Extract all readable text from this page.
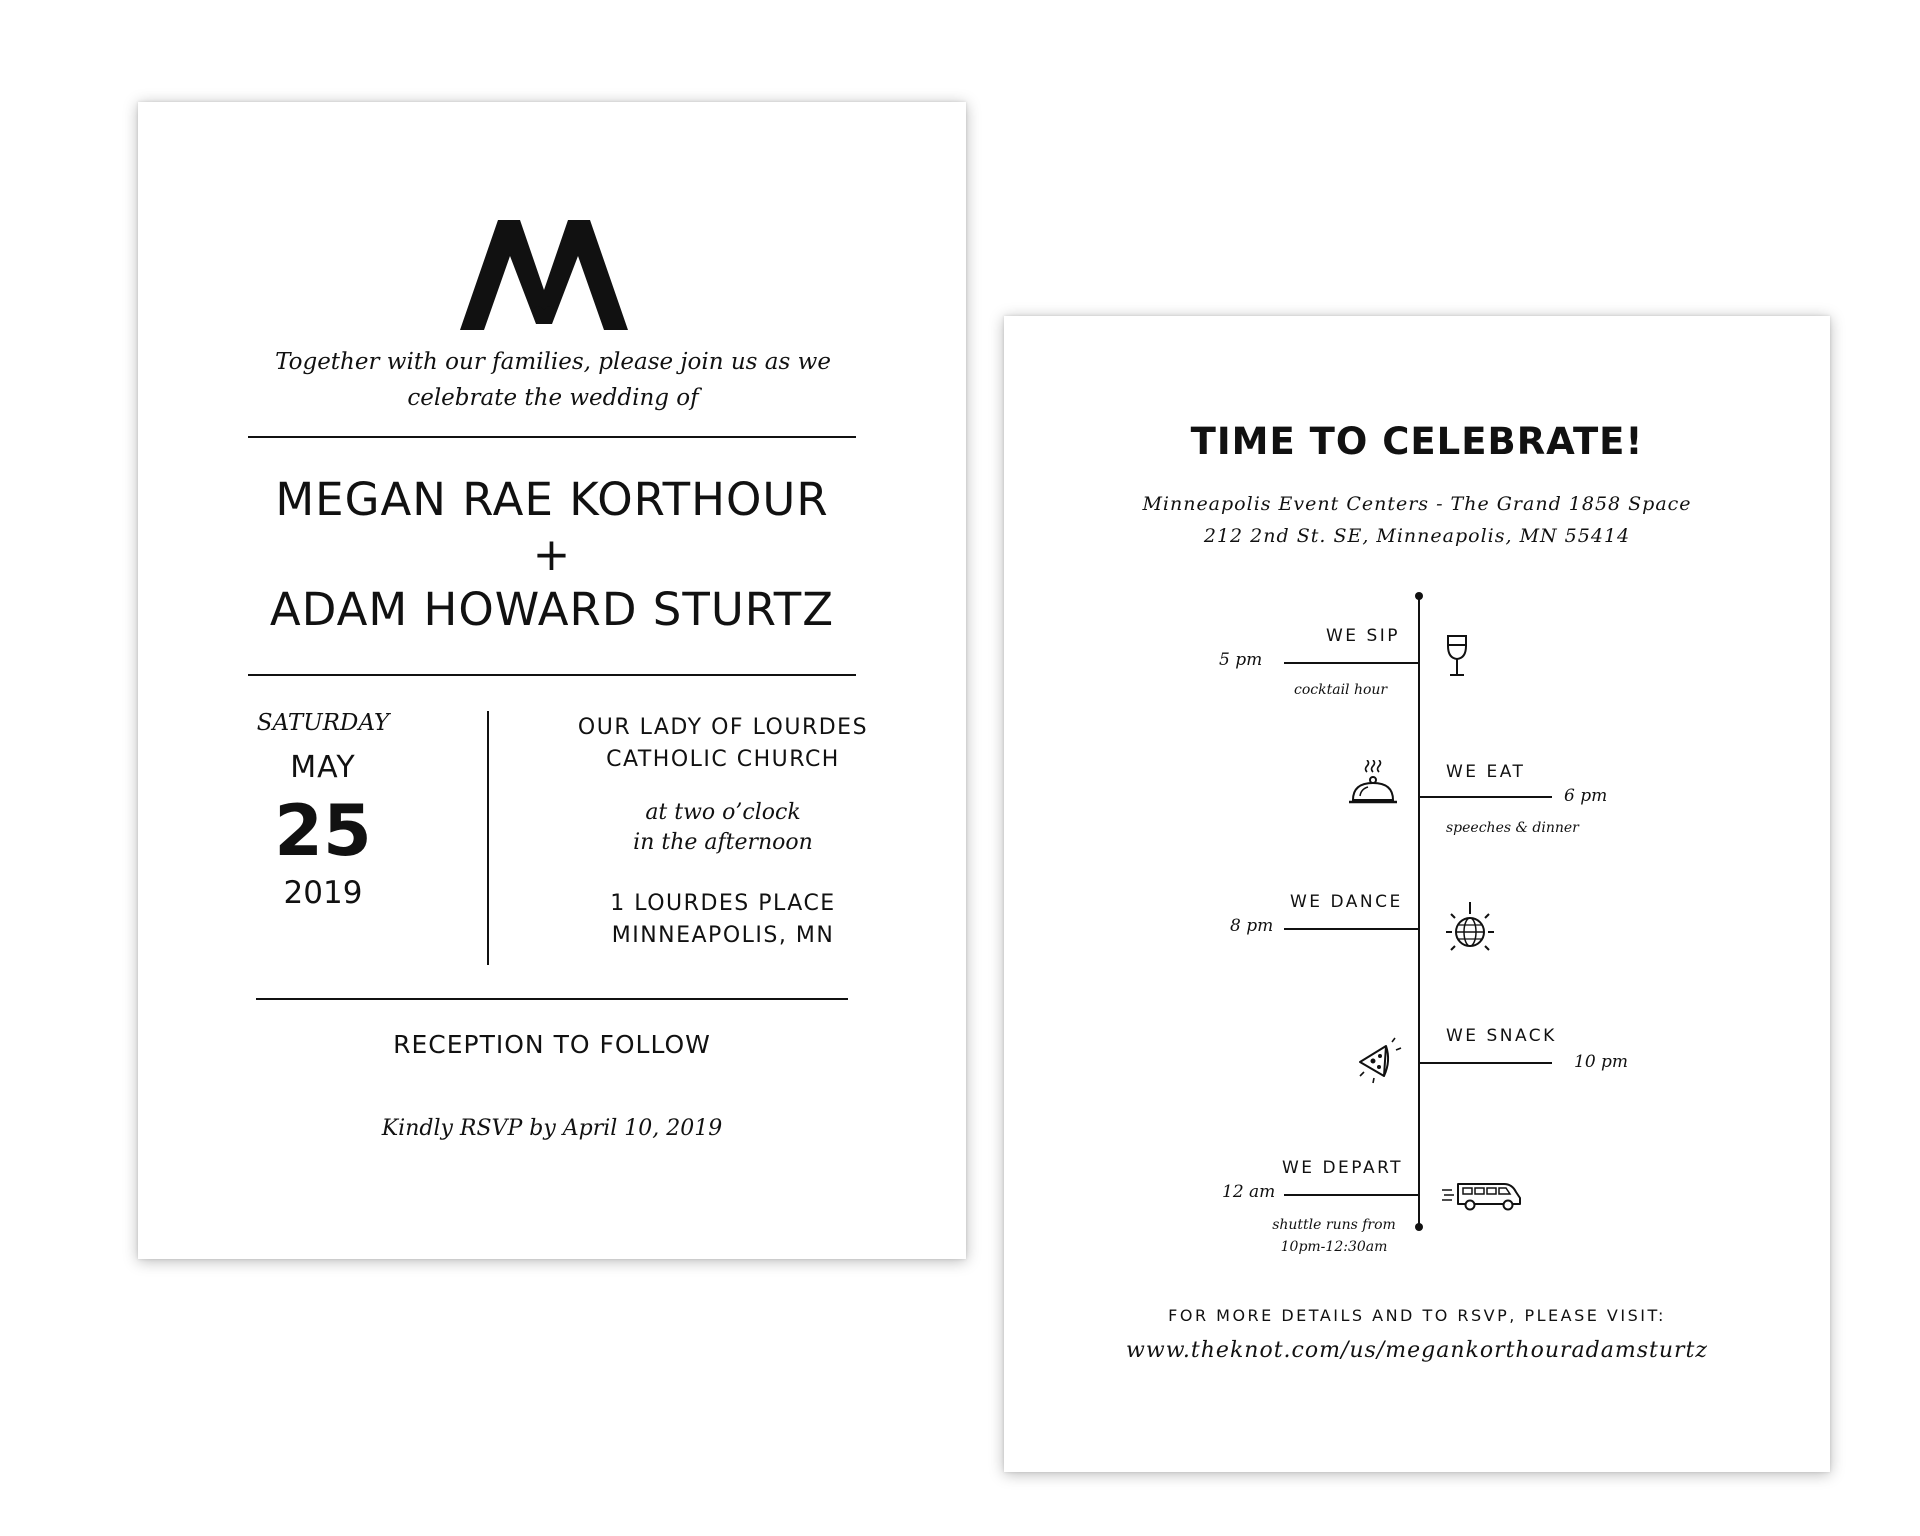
Together with our families, please join us as we
celebrate the wedding of
MEGAN RAE KORTHOUR
+
ADAM HOWARD STURTZ
SATURDAY
MAY
25
2019
OUR LADY OF LOURDES
CATHOLIC CHURCH
at two o’clock
in the afternoon
1 LOURDES PLACE
MINNEAPOLIS, MN
RECEPTION TO FOLLOW
Kindly RSVP by April 10, 2019
TIME TO CELEBRATE!
Minneapolis Event Centers - The Grand 1858 Space
212 2nd St. SE, Minneapolis, MN 55414
WE SIP
5 pm
cocktail hour
WE EAT
6 pm
speeches & dinner
WE DANCE
8 pm
WE SNACK
10 pm
WE DEPART
12 am
shuttle runs from
10pm-12:30am
FOR MORE DETAILS AND TO RSVP, PLEASE VISIT:
www.theknot.com/us/megankorthouradamsturtz
